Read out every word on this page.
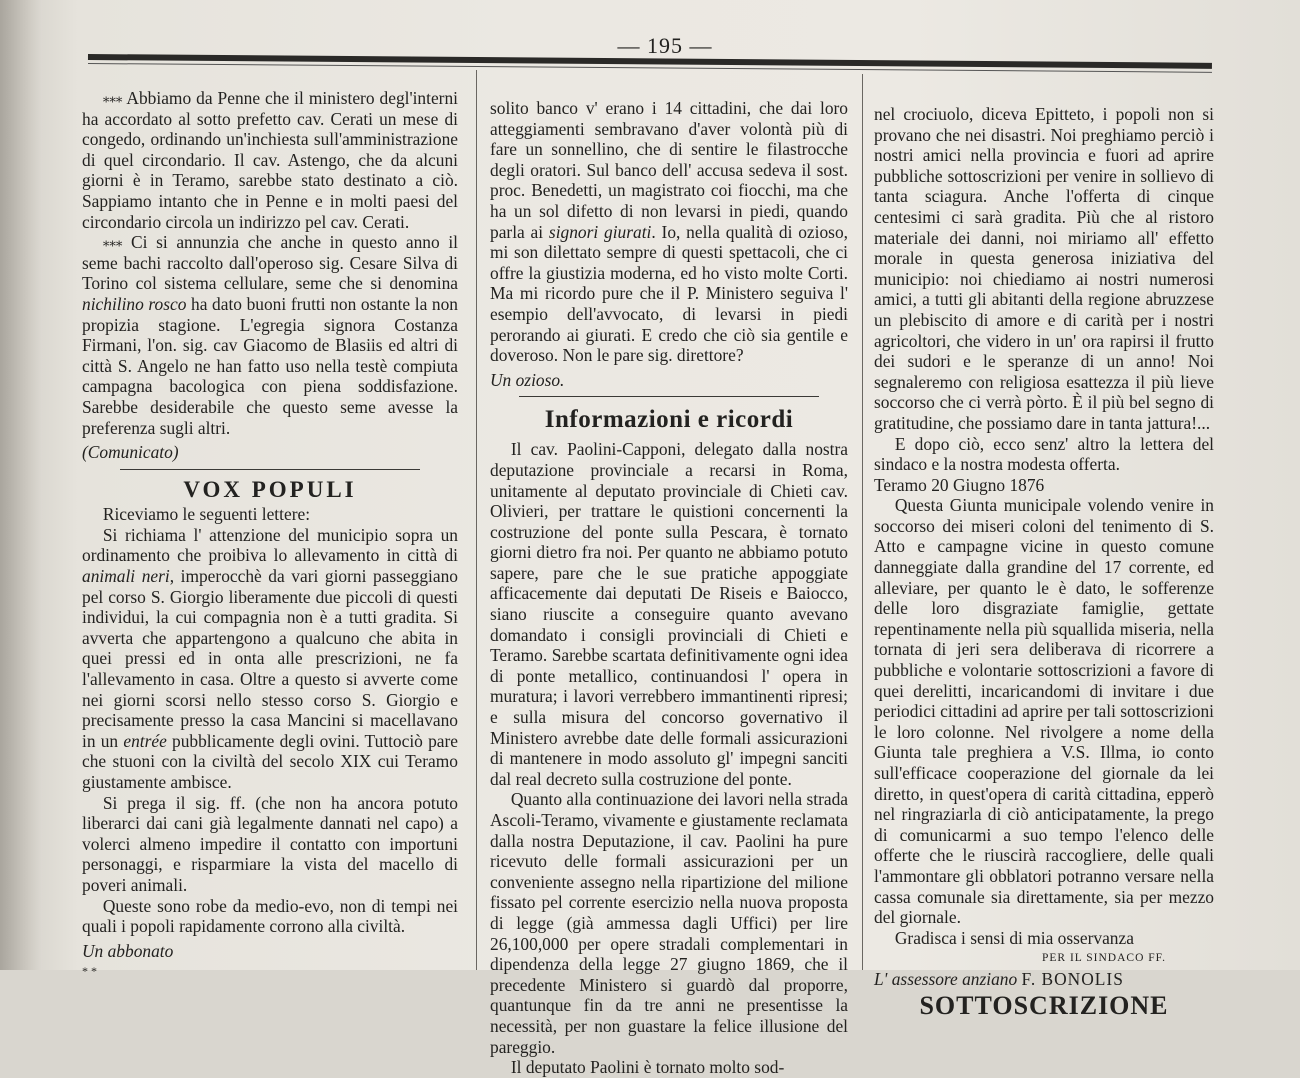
— 195 —

⁎⁎⁎ Abbiamo da Penne che il ministero degl'interni ha accordato al sotto prefetto cav. Cerati un mese di congedo, ordinando un'inchiesta sull'amministrazione di quel circondario. Il cav. Astengo, che da alcuni giorni è in Teramo, sarebbe stato destinato a ciò. Sappiamo intanto che in Penne e in molti paesi del circondario circola un indirizzo pel cav. Cerati.

⁎⁎⁎ Ci si annunzia che anche in questo anno il seme bachi raccolto dall'operoso sig. Cesare Silva di Torino col sistema cellulare, seme che si denomina nichilino rosco ha dato buoni frutti non ostante la non propizia stagione. L'egregia signora Costanza Firmani, l'on. sig. cav Giacomo de Blasiis ed altri di città S. Angelo ne han fatto uso nella testè compiuta campagna bacologica con piena soddisfazione. Sarebbe desiderabile che questo seme avesse la preferenza sugli altri.

(Comunicato)

VOX POPULI

Riceviamo le seguenti lettere:

Si richiama l' attenzione del municipio sopra un ordinamento che proibiva lo allevamento in città di animali neri, imperocchè da vari giorni passeggiano pel corso S. Giorgio liberamente due piccoli di questi individui, la cui compagnia non è a tutti gradita. Si avverta che appartengono a qualcuno che abita in quei pressi ed in onta alle prescrizioni, ne fa l'allevamento in casa. Oltre a questo si avverte come nei giorni scorsi nello stesso corso S. Giorgio e precisamente presso la casa Mancini si macellavano in un entrée pubblicamente degli ovini. Tuttociò pare che stuoni con la civiltà del secolo XIX cui Teramo giustamente ambisce.

Si prega il sig. ff. (che non ha ancora potuto liberarci dai cani già legalmente dannati nel capo) a volerci almeno impedire il contatto con importuni personaggi, e risparmiare la vista del macello di poveri animali.

Queste sono robe da medio-evo, non di tempi nei quali i popoli rapidamente corrono alla civiltà.

Un abbonato

* *

solito banco v' erano i 14 cittadini, che dai loro atteggiamenti sembravano d'aver volontà più di fare un sonnellino, che di sentire le filastrocche degli oratori. Sul banco dell' accusa sedeva il sost. proc. Benedetti, un magistrato coi fiocchi, ma che ha un sol difetto di non levarsi in piedi, quando parla ai signori giurati. Io, nella qualità di ozioso, mi son dilettato sempre di questi spettacoli, che ci offre la giustizia moderna, ed ho visto molte Corti. Ma mi ricordo pure che il P. Ministero seguiva l' esempio dell'avvocato, di levarsi in piedi perorando ai giurati. E credo che ciò sia gentile e doveroso. Non le pare sig. direttore?

Un ozioso.

Informazioni e ricordi

Il cav. Paolini-Capponi, delegato dalla nostra deputazione provinciale a recarsi in Roma, unitamente al deputato provinciale di Chieti cav. Olivieri, per trattare le quistioni concernenti la costruzione del ponte sulla Pescara, è tornato giorni dietro fra noi. Per quanto ne abbiamo potuto sapere, pare che le sue pratiche appoggiate afficacemente dai deputati De Riseis e Baiocco, siano riuscite a conseguire quanto avevano domandato i consigli provinciali di Chieti e Teramo. Sarebbe scartata definitivamente ogni idea di ponte metallico, continuandosi l' opera in muratura; i lavori verrebbero immantinenti ripresi; e sulla misura del concorso governativo il Ministero avrebbe date delle formali assicurazioni di mantenere in modo assoluto gl' impegni sanciti dal real decreto sulla costruzione del ponte.

Quanto alla continuazione dei lavori nella strada Ascoli-Teramo, vivamente e giustamente reclamata dalla nostra Deputazione, il cav. Paolini ha pure ricevuto delle formali assicurazioni per un conveniente assegno nella ripartizione del milione fissato pel corrente esercizio nella nuova proposta di legge (già ammessa dagli Uffici) per lire 26,100,000 per opere stradali complementari in dipendenza della legge 27 giugno 1869, che il precedente Ministero si guardò dal proporre, quantunque fin da tre anni ne presentisse la necessità, per non guastare la felice illusione del pareggio.

Il deputato Paolini è tornato molto sod-

nel crociuolo, diceva Epitteto, i popoli non si provano che nei disastri. Noi preghiamo perciò i nostri amici nella provincia e fuori ad aprire pubbliche sottoscrizioni per venire in sollievo di tanta sciagura. Anche l'offerta di cinque centesimi ci sarà gradita. Più che al ristoro materiale dei danni, noi miriamo all' effetto morale in questa generosa iniziativa del municipio: noi chiediamo ai nostri numerosi amici, a tutti gli abitanti della regione abruzzese un plebiscito di amore e di carità per i nostri agricoltori, che videro in un' ora rapirsi il frutto dei sudori e le speranze di un anno! Noi segnaleremo con religiosa esattezza il più lieve soccorso che ci verrà pòrto. È il più bel segno di gratitudine, che possiamo dare in tanta jattura!...

E dopo ciò, ecco senz' altro la lettera del sindaco e la nostra modesta offerta.

Teramo 20 Giugno 1876

Questa Giunta municipale volendo venire in soccorso dei miseri coloni del tenimento di S. Atto e campagne vicine in questo comune danneggiate dalla grandine del 17 corrente, ed alleviare, per quanto le è dato, le sofferenze delle loro disgraziate famiglie, gettate repentinamente nella più squallida miseria, nella tornata di jeri sera deliberava di ricorrere a pubbliche e volontarie sottoscrizioni a favore di quei derelitti, incaricandomi di invitare i due periodici cittadini ad aprire per tali sottoscrizioni le loro colonne. Nel rivolgere a nome della Giunta tale preghiera a V.S. Illma, io conto sull'efficace cooperazione del giornale da lei diretto, in quest'opera di carità cittadina, epperò nel ringraziarla di ciò anticipatamente, la prego di comunicarmi a suo tempo l'elenco delle offerte che le riuscirà raccogliere, delle quali l'ammontare gli obblatori potranno versare nella cassa comunale sia direttamente, sia per mezzo del giornale.

Gradisca i sensi di mia osservanza

PER IL SINDACO FF.

L' assessore anziano F. BONOLIS

SOTTOSCRIZIONE
